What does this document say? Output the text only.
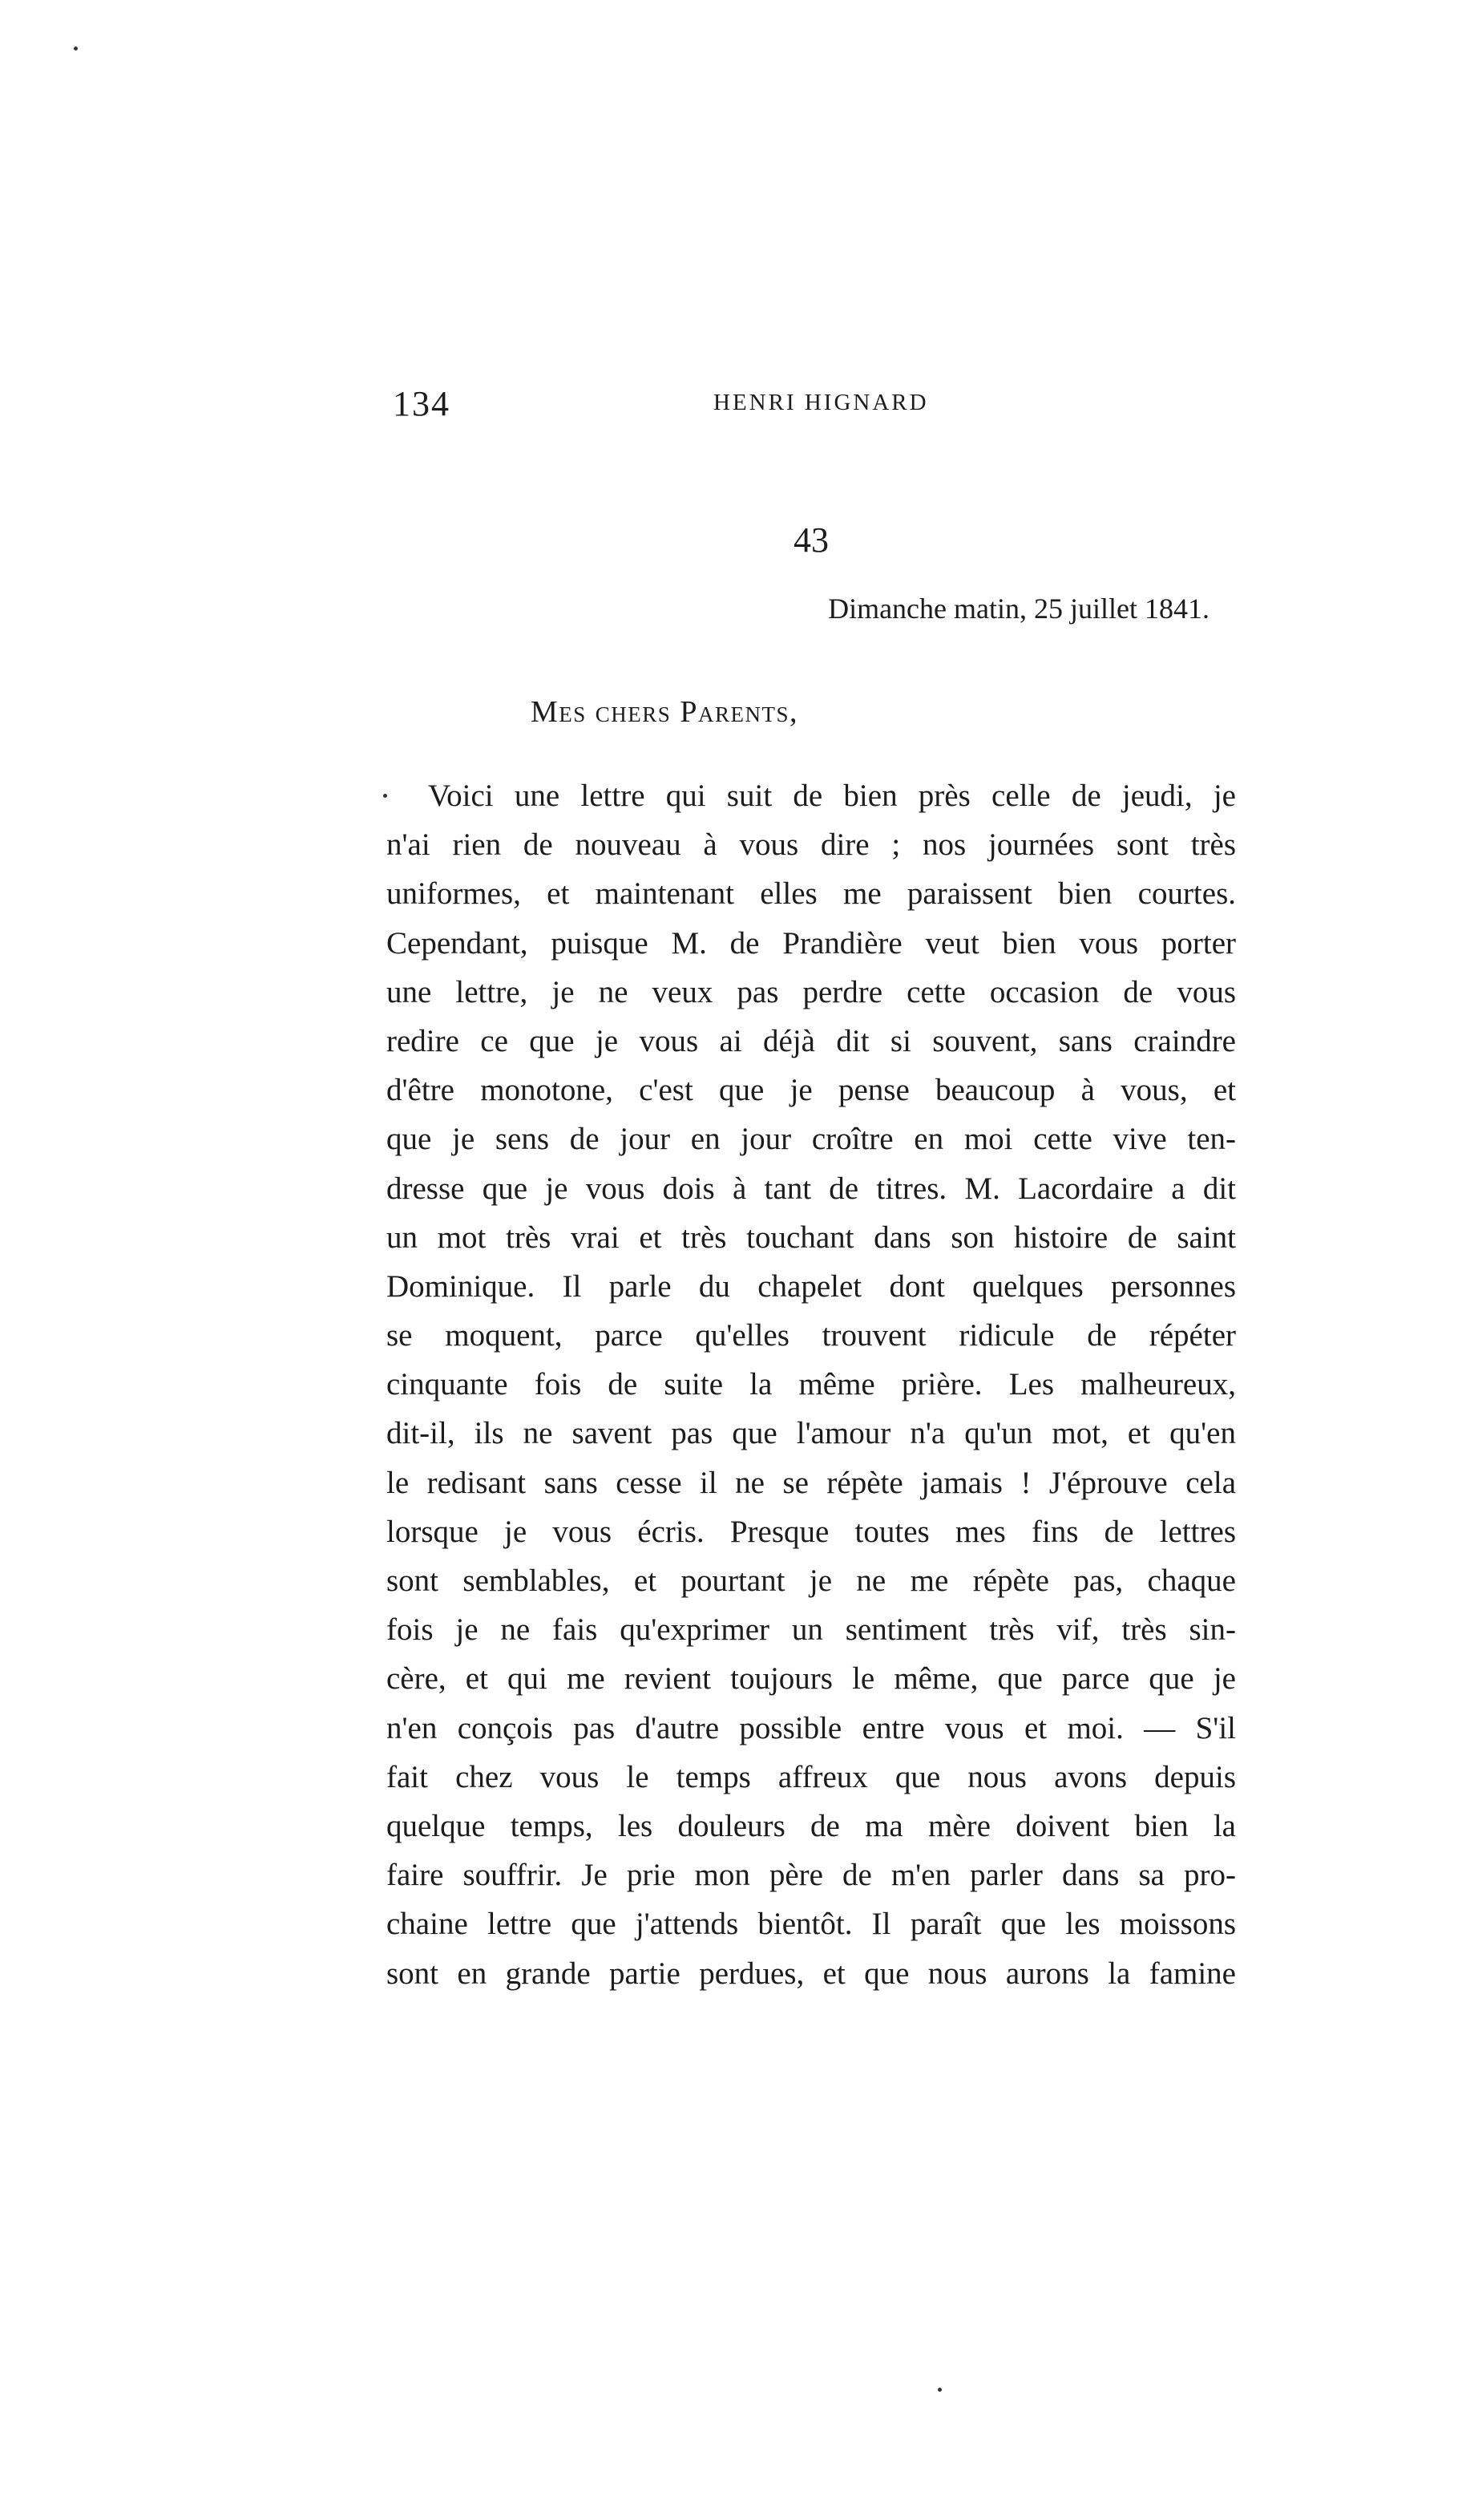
134	HENRI HIGNARD
43
Dimanche matin, 25 juillet 1841.
Mes chers Parents,
Voici une lettre qui suit de bien près celle de jeudi, je
n'ai rien de nouveau à vous dire ; nos journées sont très
uniformes, et maintenant elles me paraissent bien courtes.
Cependant, puisque M. de Prandière veut bien vous porter
une lettre, je ne veux pas perdre cette occasion de vous
redire ce que je vous ai déjà dit si souvent, sans craindre
d'être monotone, c'est que je pense beaucoup à vous, et
que je sens de jour en jour croître en moi cette vive ten-
dresse que je vous dois à tant de titres. M. Lacordaire a dit
un mot très vrai et très touchant dans son histoire de saint
Dominique. Il parle du chapelet dont quelques personnes
se moquent, parce qu'elles trouvent ridicule de répéter
cinquante fois de suite la même prière. Les malheureux,
dit-il, ils ne savent pas que l'amour n'a qu'un mot, et qu'en
le redisant sans cesse il ne se répète jamais ! J'éprouve cela
lorsque je vous écris. Presque toutes mes fins de lettres
sont semblables, et pourtant je ne me répète pas, chaque
fois je ne fais qu'exprimer un sentiment très vif, très sin-
cère, et qui me revient toujours le même, que parce que je
n'en conçois pas d'autre possible entre vous et moi. — S'il
fait chez vous le temps affreux que nous avons depuis
quelque temps, les douleurs de ma mère doivent bien la
faire souffrir. Je prie mon père de m'en parler dans sa pro-
chaine lettre que j'attends bientôt. Il paraît que les moissons
sont en grande partie perdues, et que nous aurons la famine
